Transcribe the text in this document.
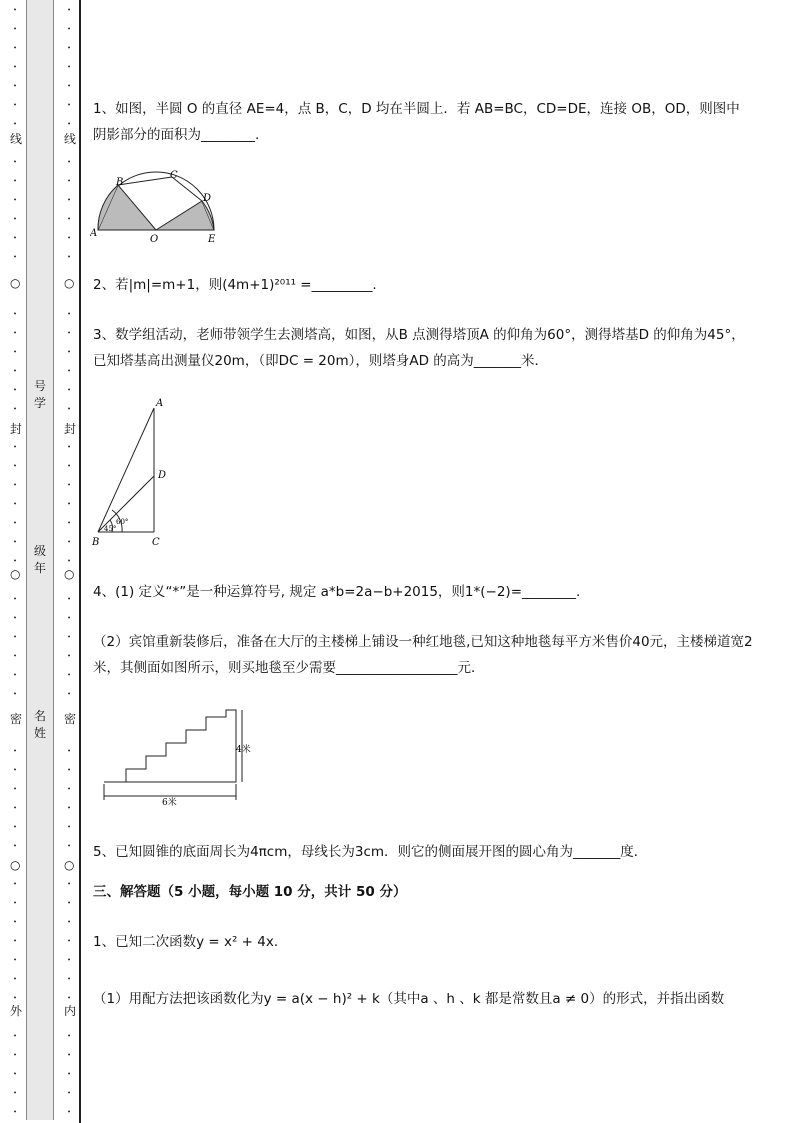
•
•
•
•
•
•
•
•
•
•
•
•
•
•
•
•
•
•
•
•
•
•
•
•
•
•
•
•
•
•
•
•
•
•
•
•
•
•
•
•
•
•
•
•
•
•
•
•
•
•
线
○
封
○
密
○
外
号学
级年
名姓
•
•
•
•
•
•
•
•
•
•
•
•
•
•
•
•
•
•
•
•
•
•
•
•
•
•
•
•
•
•
•
•
•
•
•
•
•
•
•
•
•
•
•
•
•
•
•
•
•
•
线
○
封
○
密
○
内
1、如图，半圆 O 的直径 AE=4，点 B，C，D 均在半圆上．若 AB=BC，CD=DE，连接 OB，OD，则图中阴影部分的面积为________.
A
B
C
D
E
O
2、若|m|=m+1，则(4m+1)²⁰¹¹ =_________.
3、数学组活动，老师带领学生去测塔高，如图，从B 点测得塔顶A 的仰角为60°，测得塔基D 的仰角为45°，已知塔基高出测量仪20m，（即DC = 20m），则塔身AD 的高为_______米．
A
D
B	C
60°
45°
4、(1) 定义“*”是一种运算符号, 规定 a*b=2a−b+2015，则1*(−2)=________.
（2）宾馆重新装修后，准备在大厅的主楼梯上铺设一种红地毯,已知这种地毯每平方米售价40元，主楼梯道宽2米，其侧面如图所示，则买地毯至少需要__________________元．
4米
6米
5、已知圆锥的底面周长为4πcm，母线长为3cm．则它的侧面展开图的圆心角为_______度．
三、解答题（5 小题，每小题 10 分，共计 50 分）
1、已知二次函数y = x² + 4x．
（1）用配方法把该函数化为y = a(x − h)² + k（其中a 、h 、k 都是常数且a ≠ 0）的形式，并指出函数
